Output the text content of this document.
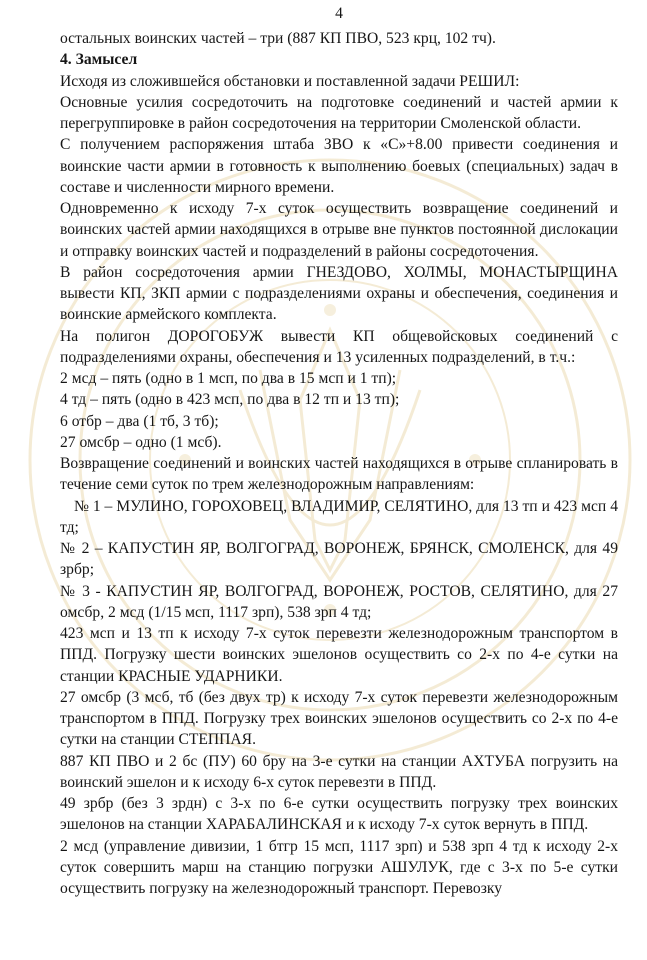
4

остальных воинских частей – три (887 КП ПВО, 523 крц, 102 тч).

4. Замысел

Исходя из сложившейся обстановки и поставленной задачи РЕШИЛ:

Основные усилия сосредоточить на подготовке соединений и частей армии к перегруппировке в район сосредоточения на территории Смоленской области.

С получением распоряжения штаба ЗВО к «С»+8.00 привести соединения и воинские части армии в готовность к выполнению боевых (специальных) задач в составе и численности мирного времени.

Одновременно к исходу 7-х суток осуществить возвращение соединений и воинских частей армии находящихся в отрыве вне пунктов постоянной дислокации и отправку воинских частей и подразделений в районы сосредоточения.

В район сосредоточения армии ГНЕЗДОВО, ХОЛМЫ, МОНАСТЫРЩИНА вывести КП, ЗКП армии с подразделениями охраны и обеспечения, соединения и воинские армейского комплекта.

На полигон ДОРОГОБУЖ вывести КП общевойсковых соединений с подразделениями охраны, обеспечения и 13 усиленных подразделений, в т.ч.:

2 мсд – пять (одно в 1 мсп, по два в 15 мсп и 1 тп);

4 тд – пять (одно в 423 мсп, по два в 12 тп и 13 тп);

6 отбр – два (1 тб, 3 тб);

27 омсбр – одно (1 мсб).

Возвращение соединений и воинских частей находящихся в отрыве спланировать в течение семи суток по трем железнодорожным направлениям:

№ 1 – МУЛИНО, ГОРОХОВЕЦ, ВЛАДИМИР, СЕЛЯТИНО, для 13 тп и 423 мсп 4 тд;

№ 2 – КАПУСТИН ЯР, ВОЛГОГРАД, ВОРОНЕЖ, БРЯНСК, СМОЛЕНСК, для 49 зрбр;

№ 3 - КАПУСТИН ЯР, ВОЛГОГРАД, ВОРОНЕЖ, РОСТОВ, СЕЛЯТИНО, для 27 омсбр, 2 мсд (1/15 мсп, 1117 зрп), 538 зрп 4 тд;

423 мсп и 13 тп к исходу 7-х суток перевезти железнодорожным транспортом в ППД. Погрузку шести воинских эшелонов осуществить со 2-х по 4-е сутки на станции КРАСНЫЕ УДАРНИКИ.

27 омсбр (3 мсб, тб (без двух тр) к исходу 7-х суток перевезти железнодорожным транспортом в ППД. Погрузку трех воинских эшелонов осуществить со 2-х по 4-е сутки на станции СТЕППАЯ.

887 КП ПВО и 2 бс (ПУ) 60 бру на 3-е сутки на станции АХТУБА погрузить на воинский эшелон и к исходу 6-х суток перевезти в ППД.

49 зрбр (без 3 зрдн) с 3-х по 6-е сутки осуществить погрузку трех воинских эшелонов на станции ХАРАБАЛИНСКАЯ и к исходу 7-х суток вернуть в ППД.

2 мсд (управление дивизии, 1 бтгр 15 мсп, 1117 зрп) и 538 зрп 4 тд к исходу 2-х суток совершить марш на станцию погрузки АШУЛУК, где с 3-х по 5-е сутки осуществить погрузку на железнодорожный транспорт. Перевозку
